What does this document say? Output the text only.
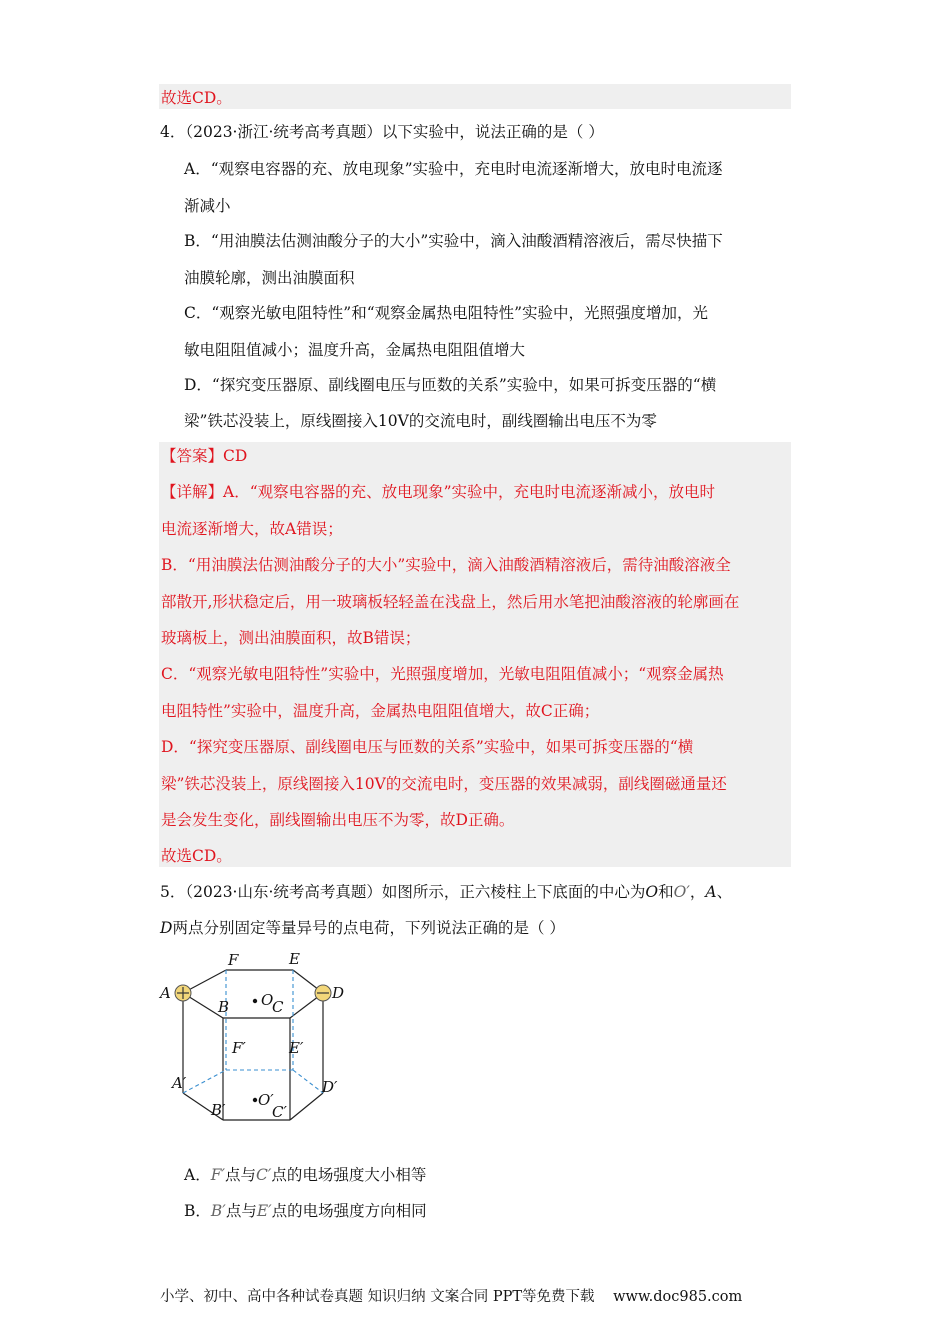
故选CD。
4．（2023·浙江·统考高考真题）以下实验中，说法正确的是（ ）
A．“观察电容器的充、放电现象”实验中，充电时电流逐渐增大，放电时电流逐
渐减小
B．“用油膜法估测油酸分子的大小”实验中，滴入油酸酒精溶液后，需尽快描下
油膜轮廓，测出油膜面积
C．“观察光敏电阻特性”和“观察金属热电阻特性”实验中，光照强度增加，光
敏电阻阻值减小；温度升高，金属热电阻阻值增大
D．“探究变压器原、副线圈电压与匝数的关系”实验中，如果可拆变压器的“横
梁”铁芯没装上，原线圈接入10V的交流电时，副线圈输出电压不为零
【答案】CD
【详解】A．“观察电容器的充、放电现象”实验中，充电时电流逐渐减小，放电时
电流逐渐增大，故A错误；
B．“用油膜法估测油酸分子的大小”实验中，滴入油酸酒精溶液后，需待油酸溶液全
部散开,形状稳定后，用一玻璃板轻轻盖在浅盘上，然后用水笔把油酸溶液的轮廓画在
玻璃板上，测出油膜面积，故B错误；
C．“观察光敏电阻特性”实验中，光照强度增加，光敏电阻阻值减小；“观察金属热
电阻特性”实验中，温度升高，金属热电阻阻值增大，故C正确；
D．“探究变压器原、副线圈电压与匝数的关系”实验中，如果可拆变压器的“横
梁”铁芯没装上，原线圈接入10V的交流电时，变压器的效果减弱，副线圈磁通量还
是会发生变化，副线圈输出电压不为零，故D正确。
故选CD。
5．（2023·山东·统考高考真题）如图所示，正六棱柱上下底面的中心为O和O′，A、
D两点分别固定等量异号的点电荷，下列说法正确的是（ ）
F	E
A	D
O
B	C
F′	E′
A′
O′
D′
B′	C′
A．F′点与C′点的电场强度大小相等
B．B′点与E′点的电场强度方向相同
小学、初中、高中各种试卷真题 知识归纳 文案合同 PPT等免费下载 www.doc985.com
